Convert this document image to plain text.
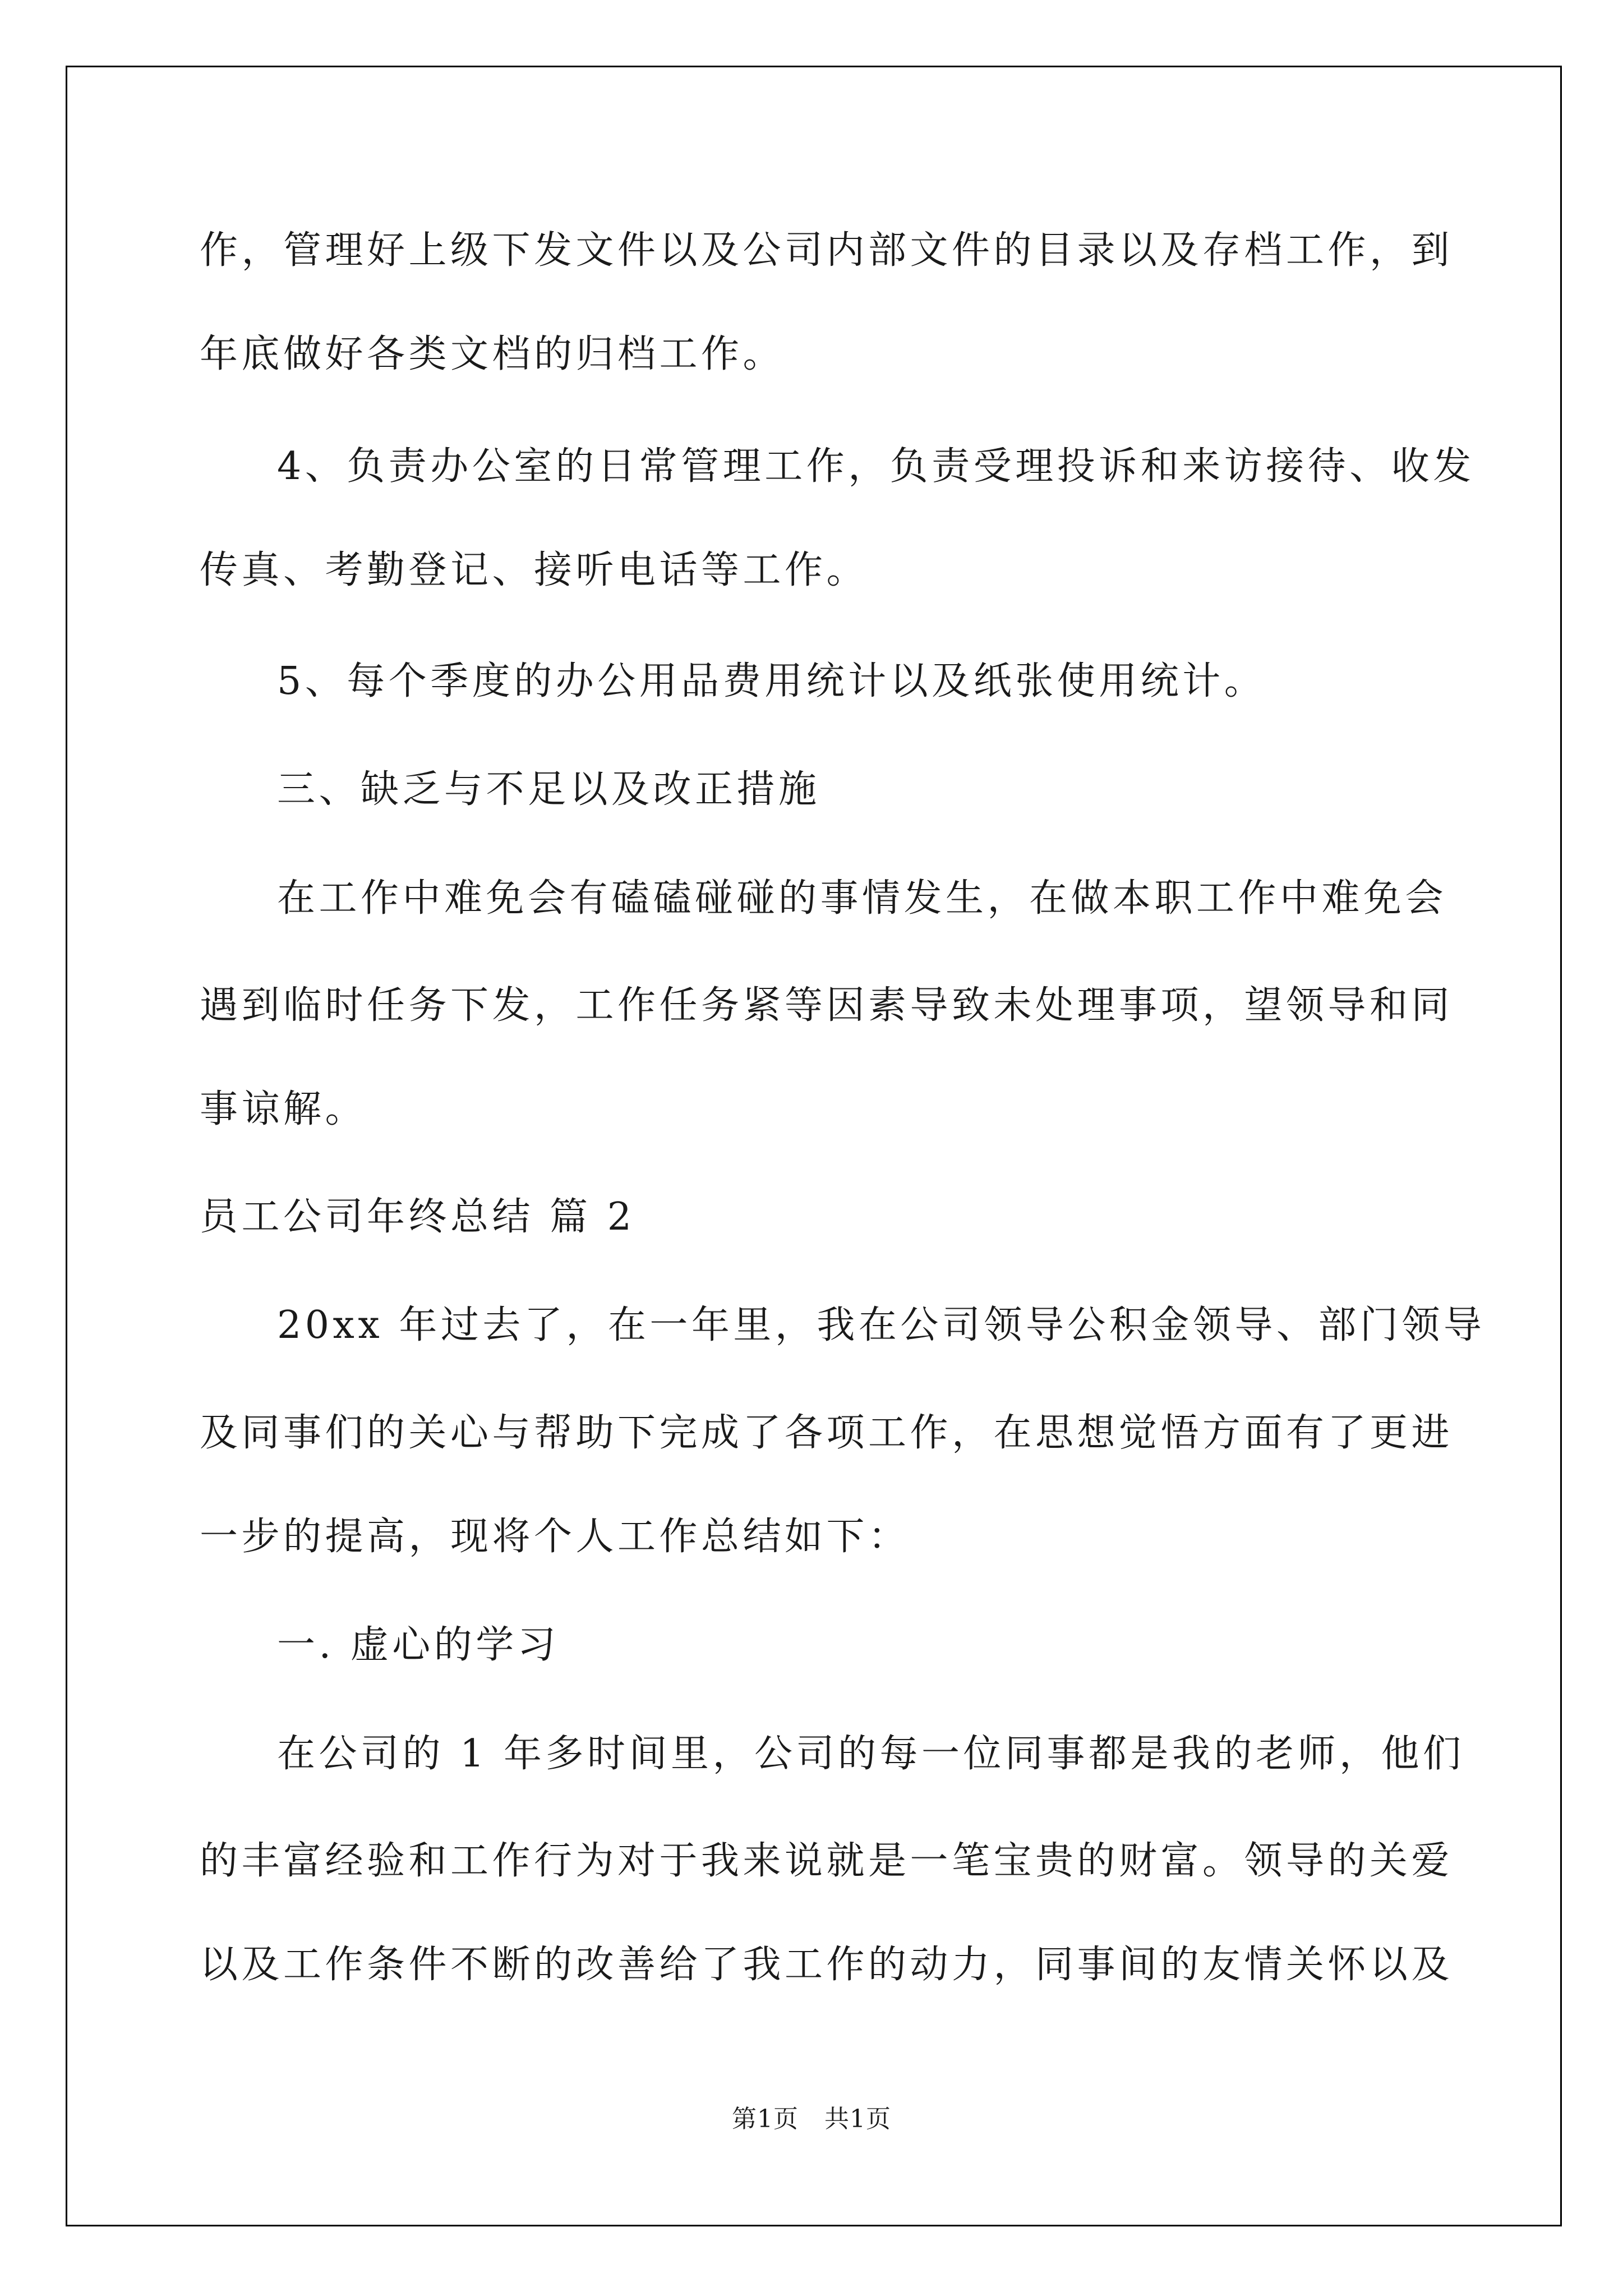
作，管理好上级下发文件以及公司内部文件的目录以及存档工作，到
年底做好各类文档的归档工作。
4、负责办公室的日常管理工作，负责受理投诉和来访接待、收发
传真、考勤登记、接听电话等工作。
5、每个季度的办公用品费用统计以及纸张使用统计。
三、缺乏与不足以及改正措施
在工作中难免会有磕磕碰碰的事情发生，在做本职工作中难免会
遇到临时任务下发，工作任务紧等因素导致未处理事项，望领导和同
事谅解。
员工公司年终总结 篇 2
20xx 年过去了，在一年里，我在公司领导公积金领导、部门领导
及同事们的关心与帮助下完成了各项工作，在思想觉悟方面有了更进
一步的提高，现将个人工作总结如下：
一. 虚心的学习
在公司的 1 年多时间里，公司的每一位同事都是我的老师，他们
的丰富经验和工作行为对于我来说就是一笔宝贵的财富。领导的关爱
以及工作条件不断的改善给了我工作的动力，同事间的友情关怀以及
第1页 共1页
